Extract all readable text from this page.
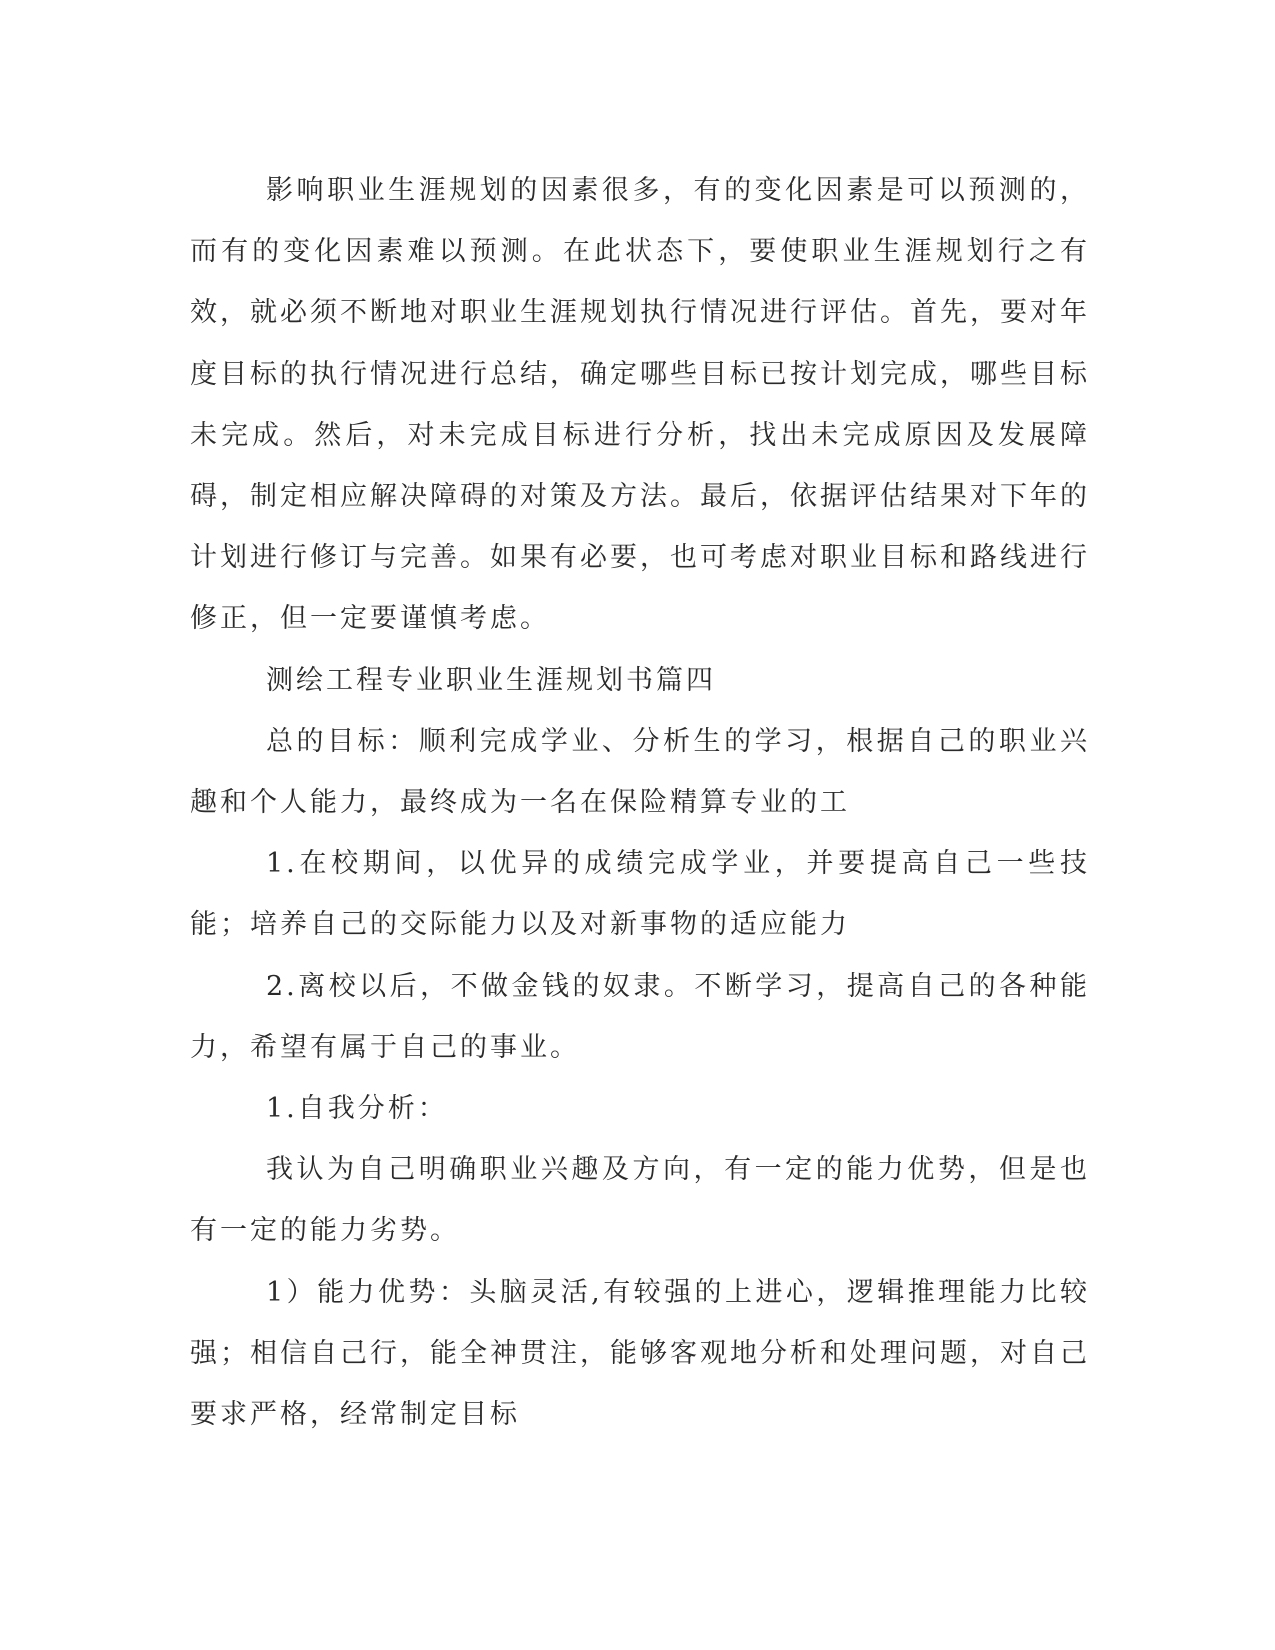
影响职业生涯规划的因素很多，有的变化因素是可以预测的，而有的变化因素难以预测。在此状态下，要使职业生涯规划行之有效，就必须不断地对职业生涯规划执行情况进行评估。首先，要对年度目标的执行情况进行总结，确定哪些目标已按计划完成，哪些目标未完成。然后，对未完成目标进行分析，找出未完成原因及发展障碍，制定相应解决障碍的对策及方法。最后，依据评估结果对下年的计划进行修订与完善。如果有必要，也可考虑对职业目标和路线进行修正，但一定要谨慎考虑。

测绘工程专业职业生涯规划书篇四

总的目标：顺利完成学业、分析生的学习，根据自己的职业兴趣和个人能力，最终成为一名在保险精算专业的工

1.在校期间，以优异的成绩完成学业，并要提高自己一些技能；培养自己的交际能力以及对新事物的适应能力

2.离校以后，不做金钱的奴隶。不断学习，提高自己的各种能力，希望有属于自己的事业。

1.自我分析：

我认为自己明确职业兴趣及方向，有一定的能力优势，但是也有一定的能力劣势。

1）能力优势：头脑灵活,有较强的上进心，逻辑推理能力比较强；相信自己行，能全神贯注，能够客观地分析和处理问题，对自己要求严格，经常制定目标
